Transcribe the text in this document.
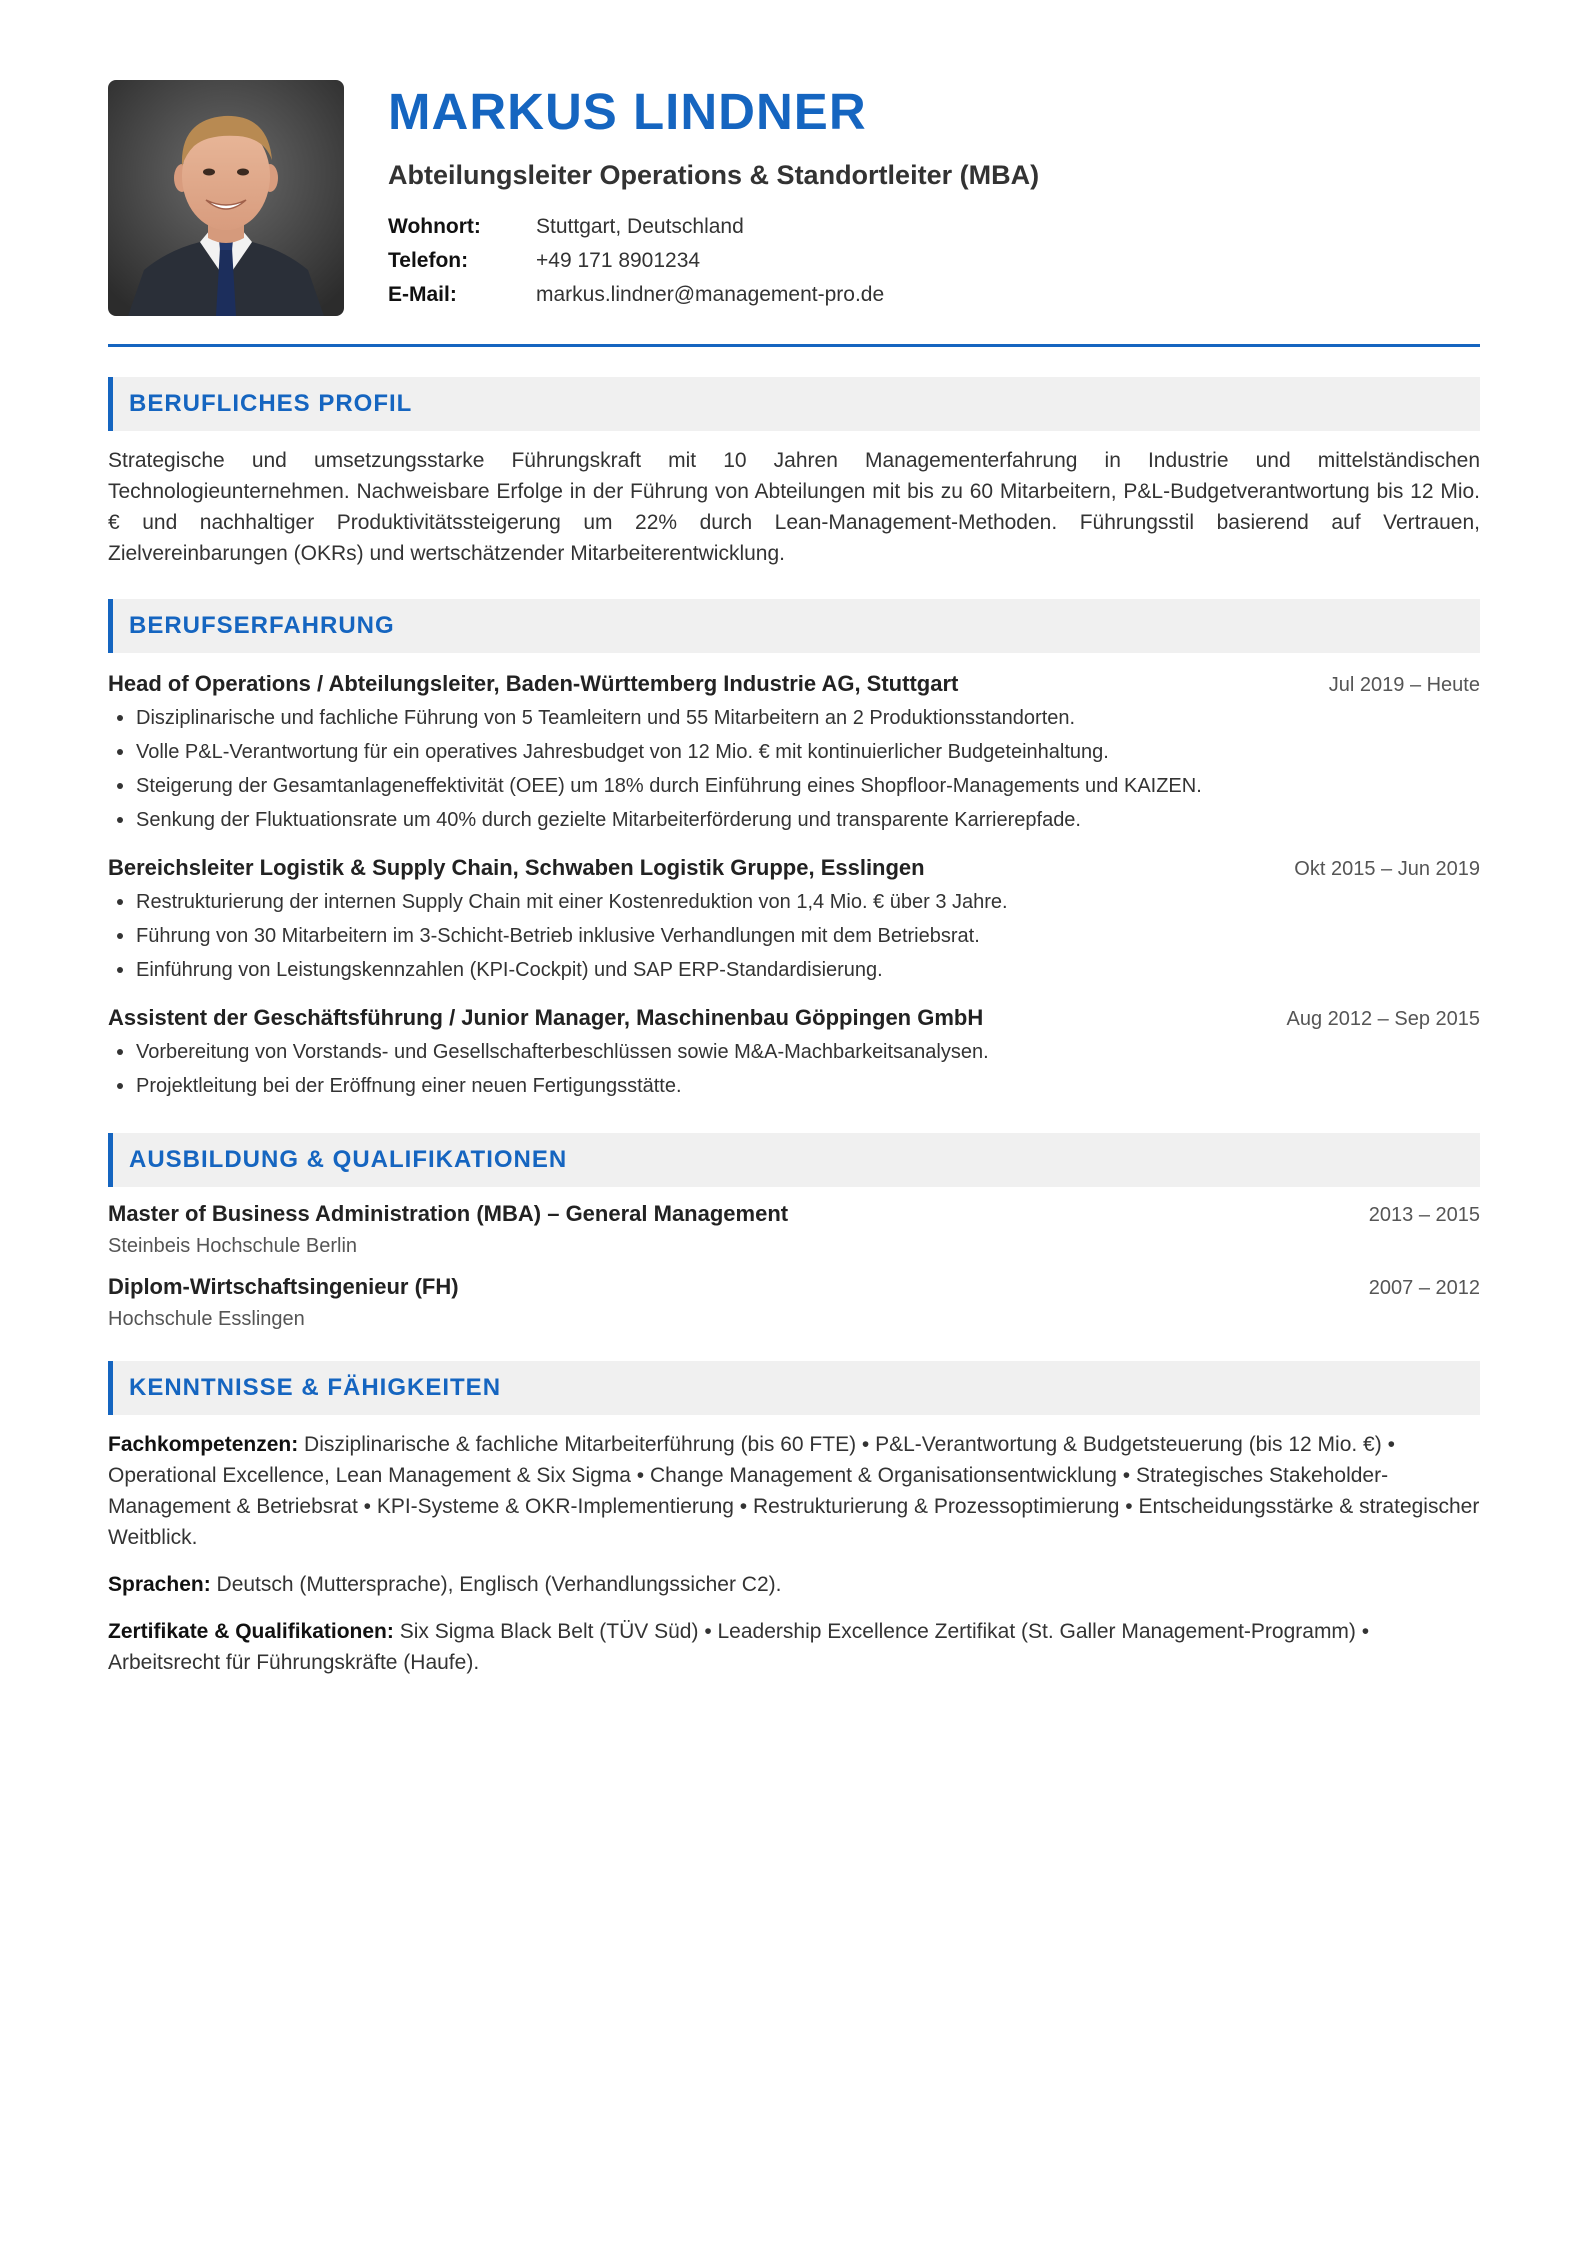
MARKUS LINDNER
Abteilungsleiter Operations & Standortleiter (MBA)
Wohnort:	Stuttgart, Deutschland
Telefon:	+49 171 8901234
E-Mail:	markus.lindner@management-pro.de
BERUFLICHES PROFIL

Strategische und umsetzungsstarke Führungskraft mit 10 Jahren Managementerfahrung in Industrie und mittelständischen Technologieunternehmen. Nachweisbare Erfolge in der Führung von Abteilungen mit bis zu 60 Mitarbeitern, P&L-Budgetverantwortung bis 12 Mio. € und nachhaltiger Produktivitätssteigerung um 22% durch Lean-Management-Methoden. Führungsstil basierend auf Vertrauen, Zielvereinbarungen (OKRs) und wertschätzender Mitarbeiterentwicklung.

BERUFSERFAHRUNG
Head of Operations / Abteilungsleiter, Baden-Württemberg Industrie AG, Stuttgart	Jul 2019 – Heute
Disziplinarische und fachliche Führung von 5 Teamleitern und 55 Mitarbeitern an 2 Produktionsstandorten.
Volle P&L-Verantwortung für ein operatives Jahresbudget von 12 Mio. € mit kontinuierlicher Budgeteinhaltung.
Steigerung der Gesamtanlageneffektivität (OEE) um 18% durch Einführung eines Shopfloor-Managements und KAIZEN.
Senkung der Fluktuationsrate um 40% durch gezielte Mitarbeiterförderung und transparente Karrierepfade.
Bereichsleiter Logistik & Supply Chain, Schwaben Logistik Gruppe, Esslingen	Okt 2015 – Jun 2019
Restrukturierung der internen Supply Chain mit einer Kostenreduktion von 1,4 Mio. € über 3 Jahre.
Führung von 30 Mitarbeitern im 3-Schicht-Betrieb inklusive Verhandlungen mit dem Betriebsrat.
Einführung von Leistungskennzahlen (KPI-Cockpit) und SAP ERP-Standardisierung.
Assistent der Geschäftsführung / Junior Manager, Maschinenbau Göppingen GmbH	Aug 2012 – Sep 2015
Vorbereitung von Vorstands- und Gesellschafterbeschlüssen sowie M&A-Machbarkeitsanalysen.
Projektleitung bei der Eröffnung einer neuen Fertigungsstätte.
AUSBILDUNG & QUALIFIKATIONEN
Master of Business Administration (MBA) – General Management	2013 – 2015
Steinbeis Hochschule Berlin
Diplom-Wirtschaftsingenieur (FH)	2007 – 2012
Hochschule Esslingen
KENNTNISSE & FÄHIGKEITEN

Fachkompetenzen: Disziplinarische & fachliche Mitarbeiterführung (bis 60 FTE) • P&L-Verantwortung & Budgetsteuerung (bis 12 Mio. €) • Operational Excellence, Lean Management & Six Sigma • Change Management & Organisationsentwicklung • Strategisches Stakeholder-Management & Betriebsrat • KPI-Systeme & OKR-Implementierung • Restrukturierung & Prozessoptimierung • Entscheidungsstärke & strategischer Weitblick.

Sprachen: Deutsch (Muttersprache), Englisch (Verhandlungssicher C2).

Zertifikate & Qualifikationen: Six Sigma Black Belt (TÜV Süd) • Leadership Excellence Zertifikat (St. Galler Management-Programm) • Arbeitsrecht für Führungskräfte (Haufe).
